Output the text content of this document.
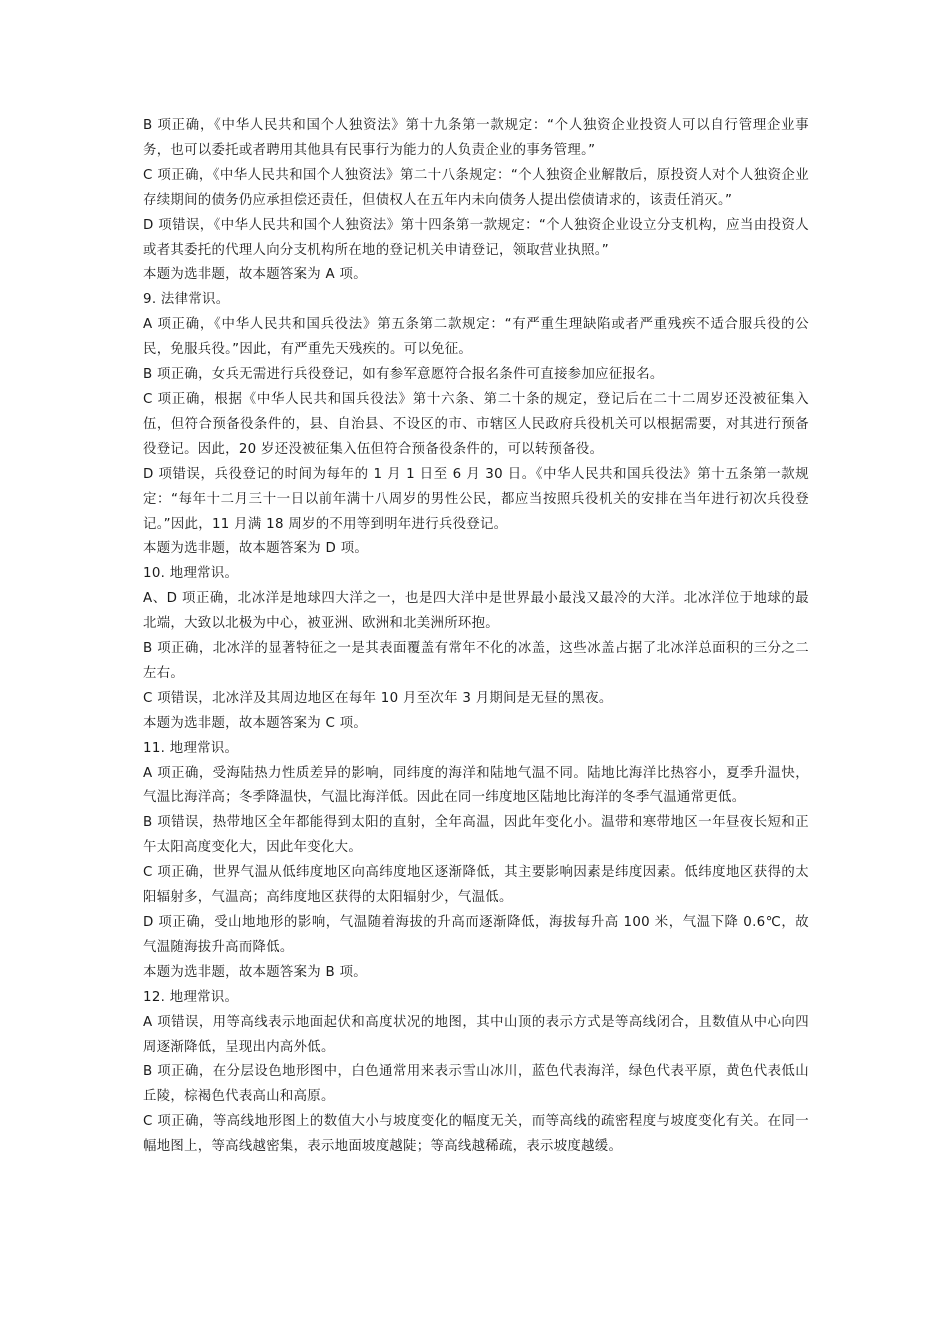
B 项正确，《中华人民共和国个人独资法》第十九条第一款规定：“个人独资企业投资人可以自行管理企业事务，也可以委托或者聘用其他具有民事行为能力的人负责企业的事务管理。”

C 项正确，《中华人民共和国个人独资法》第二十八条规定：“个人独资企业解散后，原投资人对个人独资企业存续期间的债务仍应承担偿还责任，但债权人在五年内未向债务人提出偿债请求的，该责任消灭。”

D 项错误，《中华人民共和国个人独资法》第十四条第一款规定：“个人独资企业设立分支机构，应当由投资人或者其委托的代理人向分支机构所在地的登记机关申请登记，领取营业执照。”

本题为选非题，故本题答案为 A 项。

9. 法律常识。

A 项正确，《中华人民共和国兵役法》第五条第二款规定：“有严重生理缺陷或者严重残疾不适合服兵役的公民，免服兵役。”因此，有严重先天残疾的。可以免征。

B 项正确，女兵无需进行兵役登记，如有参军意愿符合报名条件可直接参加应征报名。

C 项正确，根据《中华人民共和国兵役法》第十六条、第二十条的规定，登记后在二十二周岁还没被征集入伍，但符合预备役条件的，县、自治县、不设区的市、市辖区人民政府兵役机关可以根据需要，对其进行预备役登记。因此，20 岁还没被征集入伍但符合预备役条件的，可以转预备役。

D 项错误，兵役登记的时间为每年的 1 月 1 日至 6 月 30 日。《中华人民共和国兵役法》第十五条第一款规定：“每年十二月三十一日以前年满十八周岁的男性公民，都应当按照兵役机关的安排在当年进行初次兵役登记。”因此，11 月满 18 周岁的不用等到明年进行兵役登记。

本题为选非题，故本题答案为 D 项。

10. 地理常识。

A、D 项正确，北冰洋是地球四大洋之一，也是四大洋中是世界最小最浅又最冷的大洋。北冰洋位于地球的最北端，大致以北极为中心，被亚洲、欧洲和北美洲所环抱。

B 项正确，北冰洋的显著特征之一是其表面覆盖有常年不化的冰盖，这些冰盖占据了北冰洋总面积的三分之二左右。

C 项错误，北冰洋及其周边地区在每年 10 月至次年 3 月期间是无昼的黑夜。

本题为选非题，故本题答案为 C 项。

11. 地理常识。

A 项正确，受海陆热力性质差异的影响，同纬度的海洋和陆地气温不同。陆地比海洋比热容小，夏季升温快，气温比海洋高；冬季降温快，气温比海洋低。因此在同一纬度地区陆地比海洋的冬季气温通常更低。

B 项错误，热带地区全年都能得到太阳的直射，全年高温，因此年变化小。温带和寒带地区一年昼夜长短和正午太阳高度变化大，因此年变化大。

C 项正确，世界气温从低纬度地区向高纬度地区逐渐降低，其主要影响因素是纬度因素。低纬度地区获得的太阳辐射多，气温高；高纬度地区获得的太阳辐射少，气温低。

D 项正确，受山地地形的影响，气温随着海拔的升高而逐渐降低，海拔每升高 100 米，气温下降 0.6℃，故气温随海拔升高而降低。

本题为选非题，故本题答案为 B 项。

12. 地理常识。

A 项错误，用等高线表示地面起伏和高度状况的地图，其中山顶的表示方式是等高线闭合，且数值从中心向四周逐渐降低，呈现出内高外低。

B 项正确，在分层设色地形图中，白色通常用来表示雪山冰川，蓝色代表海洋，绿色代表平原，黄色代表低山丘陵，棕褐色代表高山和高原。

C 项正确，等高线地形图上的数值大小与坡度变化的幅度无关，而等高线的疏密程度与坡度变化有关。在同一幅地图上，等高线越密集，表示地面坡度越陡；等高线越稀疏，表示坡度越缓。
